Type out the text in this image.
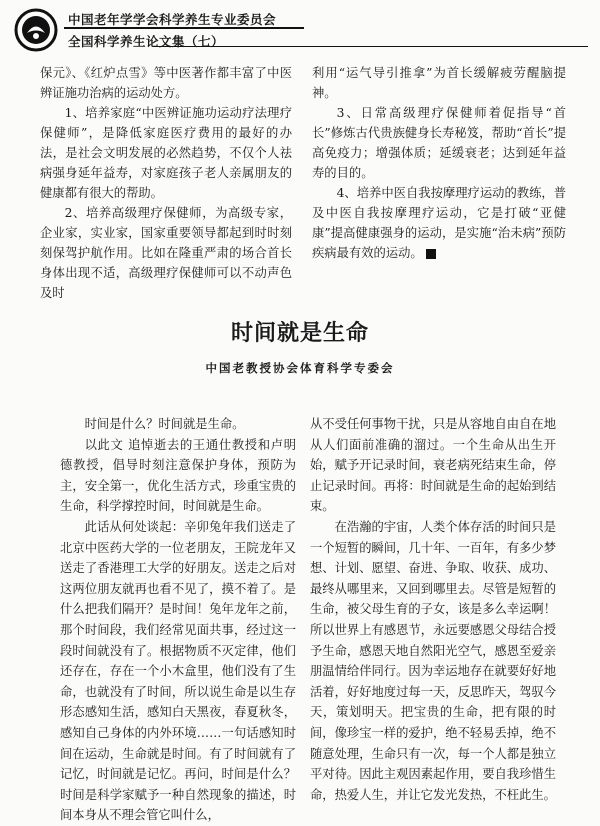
中国老年学学会科学养生专业委员会
全国科学养生论文集（七）

保元》、《红炉点雪》等中医著作都丰富了中医辨证施功治病的运动处方。

1、培养家庭“中医辨证施功运动疗法理疗保健师”，是降低家庭医疗费用的最好的办法，是社会文明发展的必然趋势，不仅个人祛病强身延年益寿，对家庭孩子老人亲属朋友的健康都有很大的帮助。

2、培养高级理疗保健师，为高级专家，企业家，实业家，国家重要领导都起到时时刻刻保驾护航作用。比如在隆重严肃的场合首长身体出现不适，高级理疗保健师可以不动声色及时

利用“运气导引推拿”为首长缓解疲劳醒脑提神。

3、日常高级理疗保健师着促指导“首长”修炼古代贵族健身长寿秘笈，帮助“首长”提高免疫力；增强体质；延缓衰老；达到延年益寿的目的。

4、培养中医自我按摩理疗运动的教练，普及中医自我按摩理疗运动，它是打破“亚健康”提高健康强身的运动，是实施“治未病”预防疾病最有效的运动。

时间就是生命
中国老教授协会体育科学专委会

时间是什么？时间就是生命。

以此文 追悼逝去的王通仕教授和卢明德教授，倡导时刻注意保护身体，预防为主，安全第一，优化生活方式，珍重宝贵的生命，科学撑控时间，时间就是生命。

此话从何处谈起：辛卯兔年我们送走了北京中医药大学的一位老朋友，王院龙年又送走了香港理工大学的好朋友。送走之后对这两位朋友就再也看不见了，摸不着了。是什么把我们隔开？是时间！兔年龙年之前，那个时间段，我们经常见面共事，经过这一段时间就没有了。根据物质不灭定律，他们还存在，存在一个小木盒里，他们没有了生命，也就没有了时间，所以说生命是以生存形态感知生活，感知白天黑夜，春夏秋冬，感知自己身体的内外环境……一句话感知时间在运动，生命就是时间。有了时间就有了记忆，时间就是记忆。再问，时间是什么？时间是科学家赋予一种自然现象的描述，时间本身从不理会管它叫什么，

从不受任何事物干扰，只是从容地自由自在地从人们面前准确的溜过。一个生命从出生开始，赋予开记录时间，衰老病死结束生命，停止记录时间。再将：时间就是生命的起始到结束。

在浩瀚的宇宙，人类个体存活的时间只是一个短暂的瞬间，几十年、一百年，有多少梦想、计划、愿望、奋进、争取、收获、成功、最终从哪里来，又回到哪里去。尽管是短暂的生命，被父母生育的子女，该是多么幸运啊！所以世界上有感恩节，永远要感恩父母结合授予生命，感恩天地自然阳光空气，感恩至爱亲朋温情给伴同行。因为幸运地存在就要好好地活着，好好地度过每一天，反思昨天，驾驭今天，策划明天。把宝贵的生命，把有限的时间，像珍宝一样的爱护，绝不轻易丢掉，绝不随意处理，生命只有一次，每一个人都是独立平对待。因此主观因素起作用，要自我珍惜生命，热爱人生，并让它发光发热，不枉此生。
